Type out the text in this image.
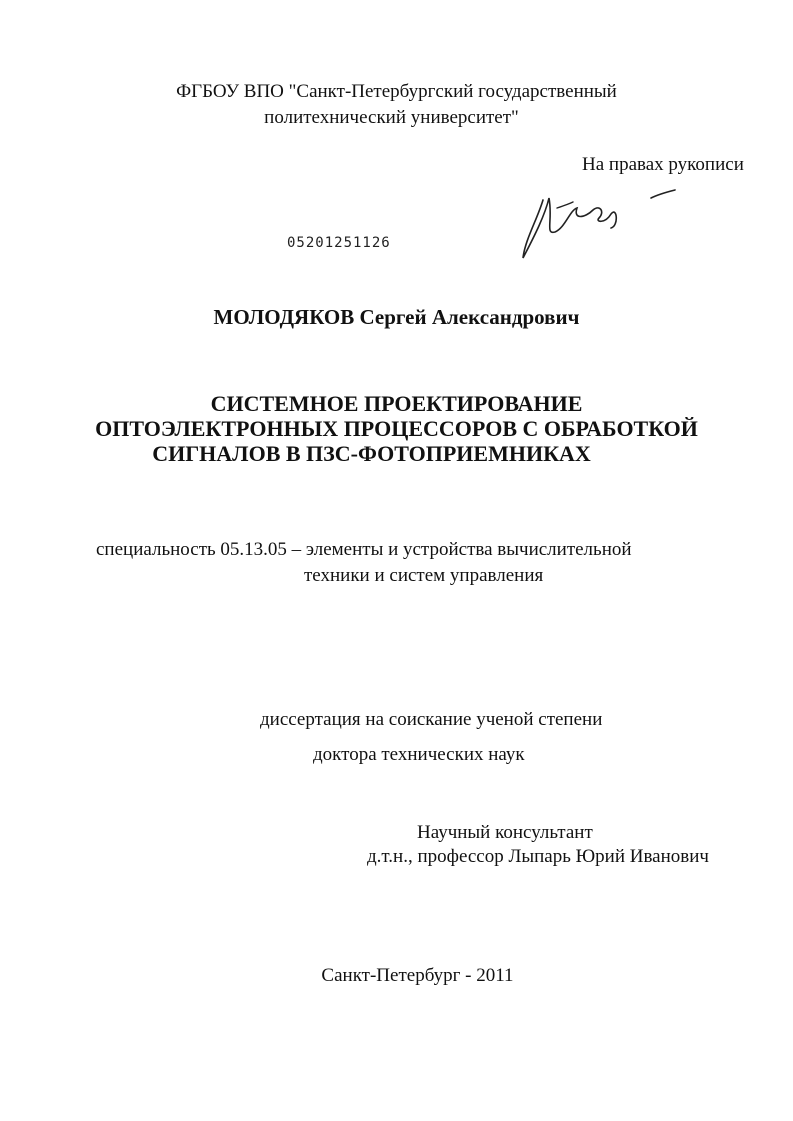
ФГБОУ ВПО "Санкт-Петербургский государственный
политехнический университет"
На правах рукописи
05201251126
МОЛОДЯКОВ Сергей Александрович
СИСТЕМНОЕ ПРОЕКТИРОВАНИЕ
ОПТОЭЛЕКТРОННЫХ ПРОЦЕССОРОВ С ОБРАБОТКОЙ
СИГНАЛОВ В ПЗС-ФОТОПРИЕМНИКАХ
специальность 05.13.05 – элементы и устройства вычислительной
техники и систем управления
диссертация на соискание ученой степени
доктора технических наук
Научный консультант
д.т.н., профессор Лыпарь Юрий Иванович
Санкт-Петербург - 2011
